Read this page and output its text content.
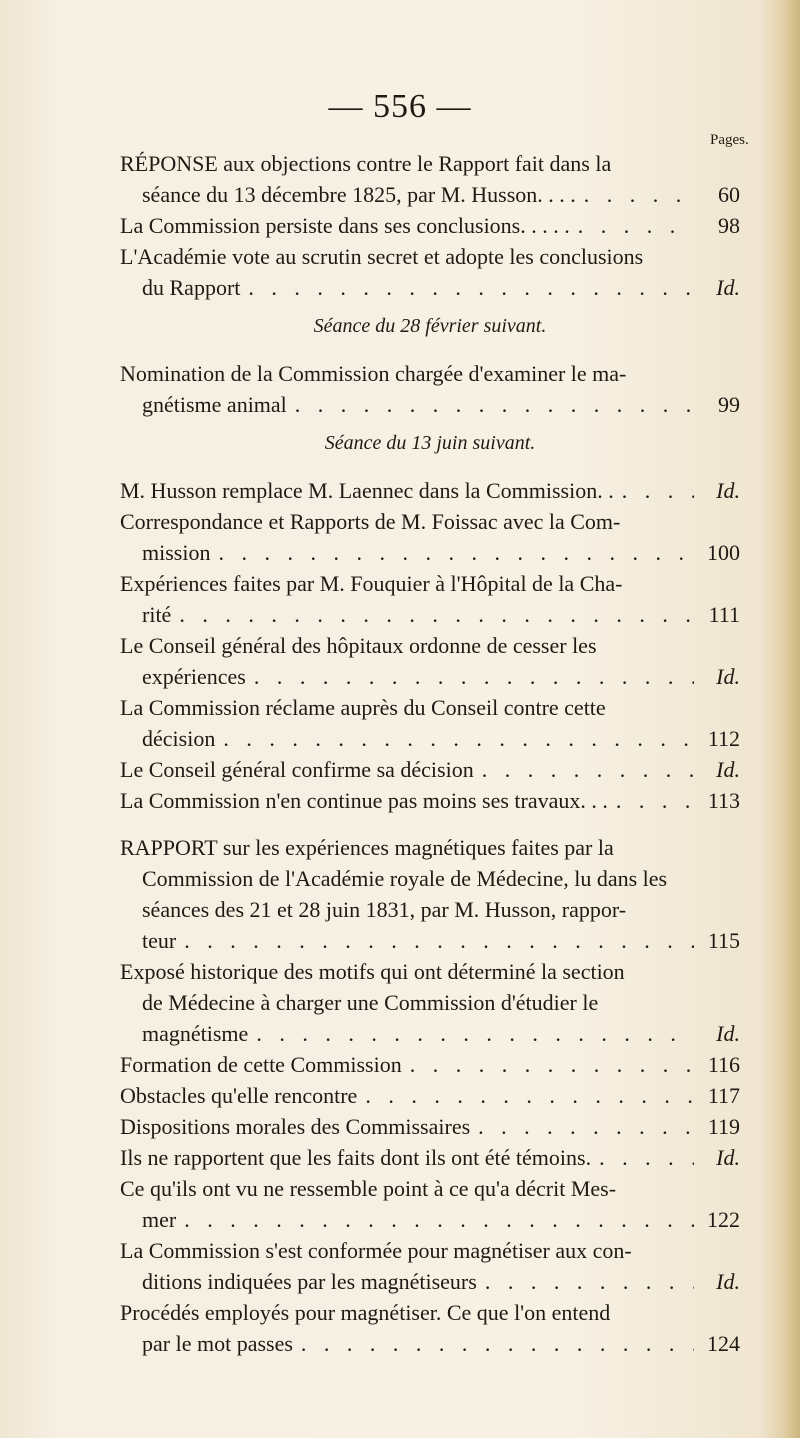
— 556 —
Pages.
RÉPONSE aux objections contre le Rapport fait dans la
séance du 13 décembre 1825, par M. Husson. . . . . . .	60
La Commission persiste dans ses conclusions. . . . . . . .	98
L'Académie vote au scrutin secret et adopte les conclusions
du Rapport . . .	Id.
Séance du 28 février suivant.
Nomination de la Commission chargée d'examiner le ma-
gnétisme animal . . .	99
Séance du 13 juin suivant.
M. Husson remplace M. Laennec dans la Commission. . . . .	Id.
Correspondance et Rapports de M. Foissac avec la Com-
mission . . .	100
Expériences faites par M. Fouquier à l'Hôpital de la Cha-
rité . . .	111
Le Conseil général des hôpitaux ordonne de cesser les
expériences . . .	Id.
La Commission réclame auprès du Conseil contre cette
décision . . .	112
Le Conseil général confirme sa décision . . .	Id.
La Commission n'en continue pas moins ses travaux. . . . . .	113
RAPPORT sur les expériences magnétiques faites par la
Commission de l'Académie royale de Médecine, lu dans les
séances des 21 et 28 juin 1831, par M. Husson, rappor-
teur . . .	115
Exposé historique des motifs qui ont déterminé la section
de Médecine à charger une Commission d'étudier le
magnétisme . . .	Id.
Formation de cette Commission . . .	116
Obstacles qu'elle rencontre . . .	117
Dispositions morales des Commissaires . . .	119
Ils ne rapportent que les faits dont ils ont été témoins. . . .	Id.
Ce qu'ils ont vu ne ressemble point à ce qu'a décrit Mes-
mer . . .	122
La Commission s'est conformée pour magnétiser aux con-
ditions indiquées par les magnétiseurs . . .	Id.
Procédés employés pour magnétiser. Ce que l'on entend
par le mot passes . . .	124
